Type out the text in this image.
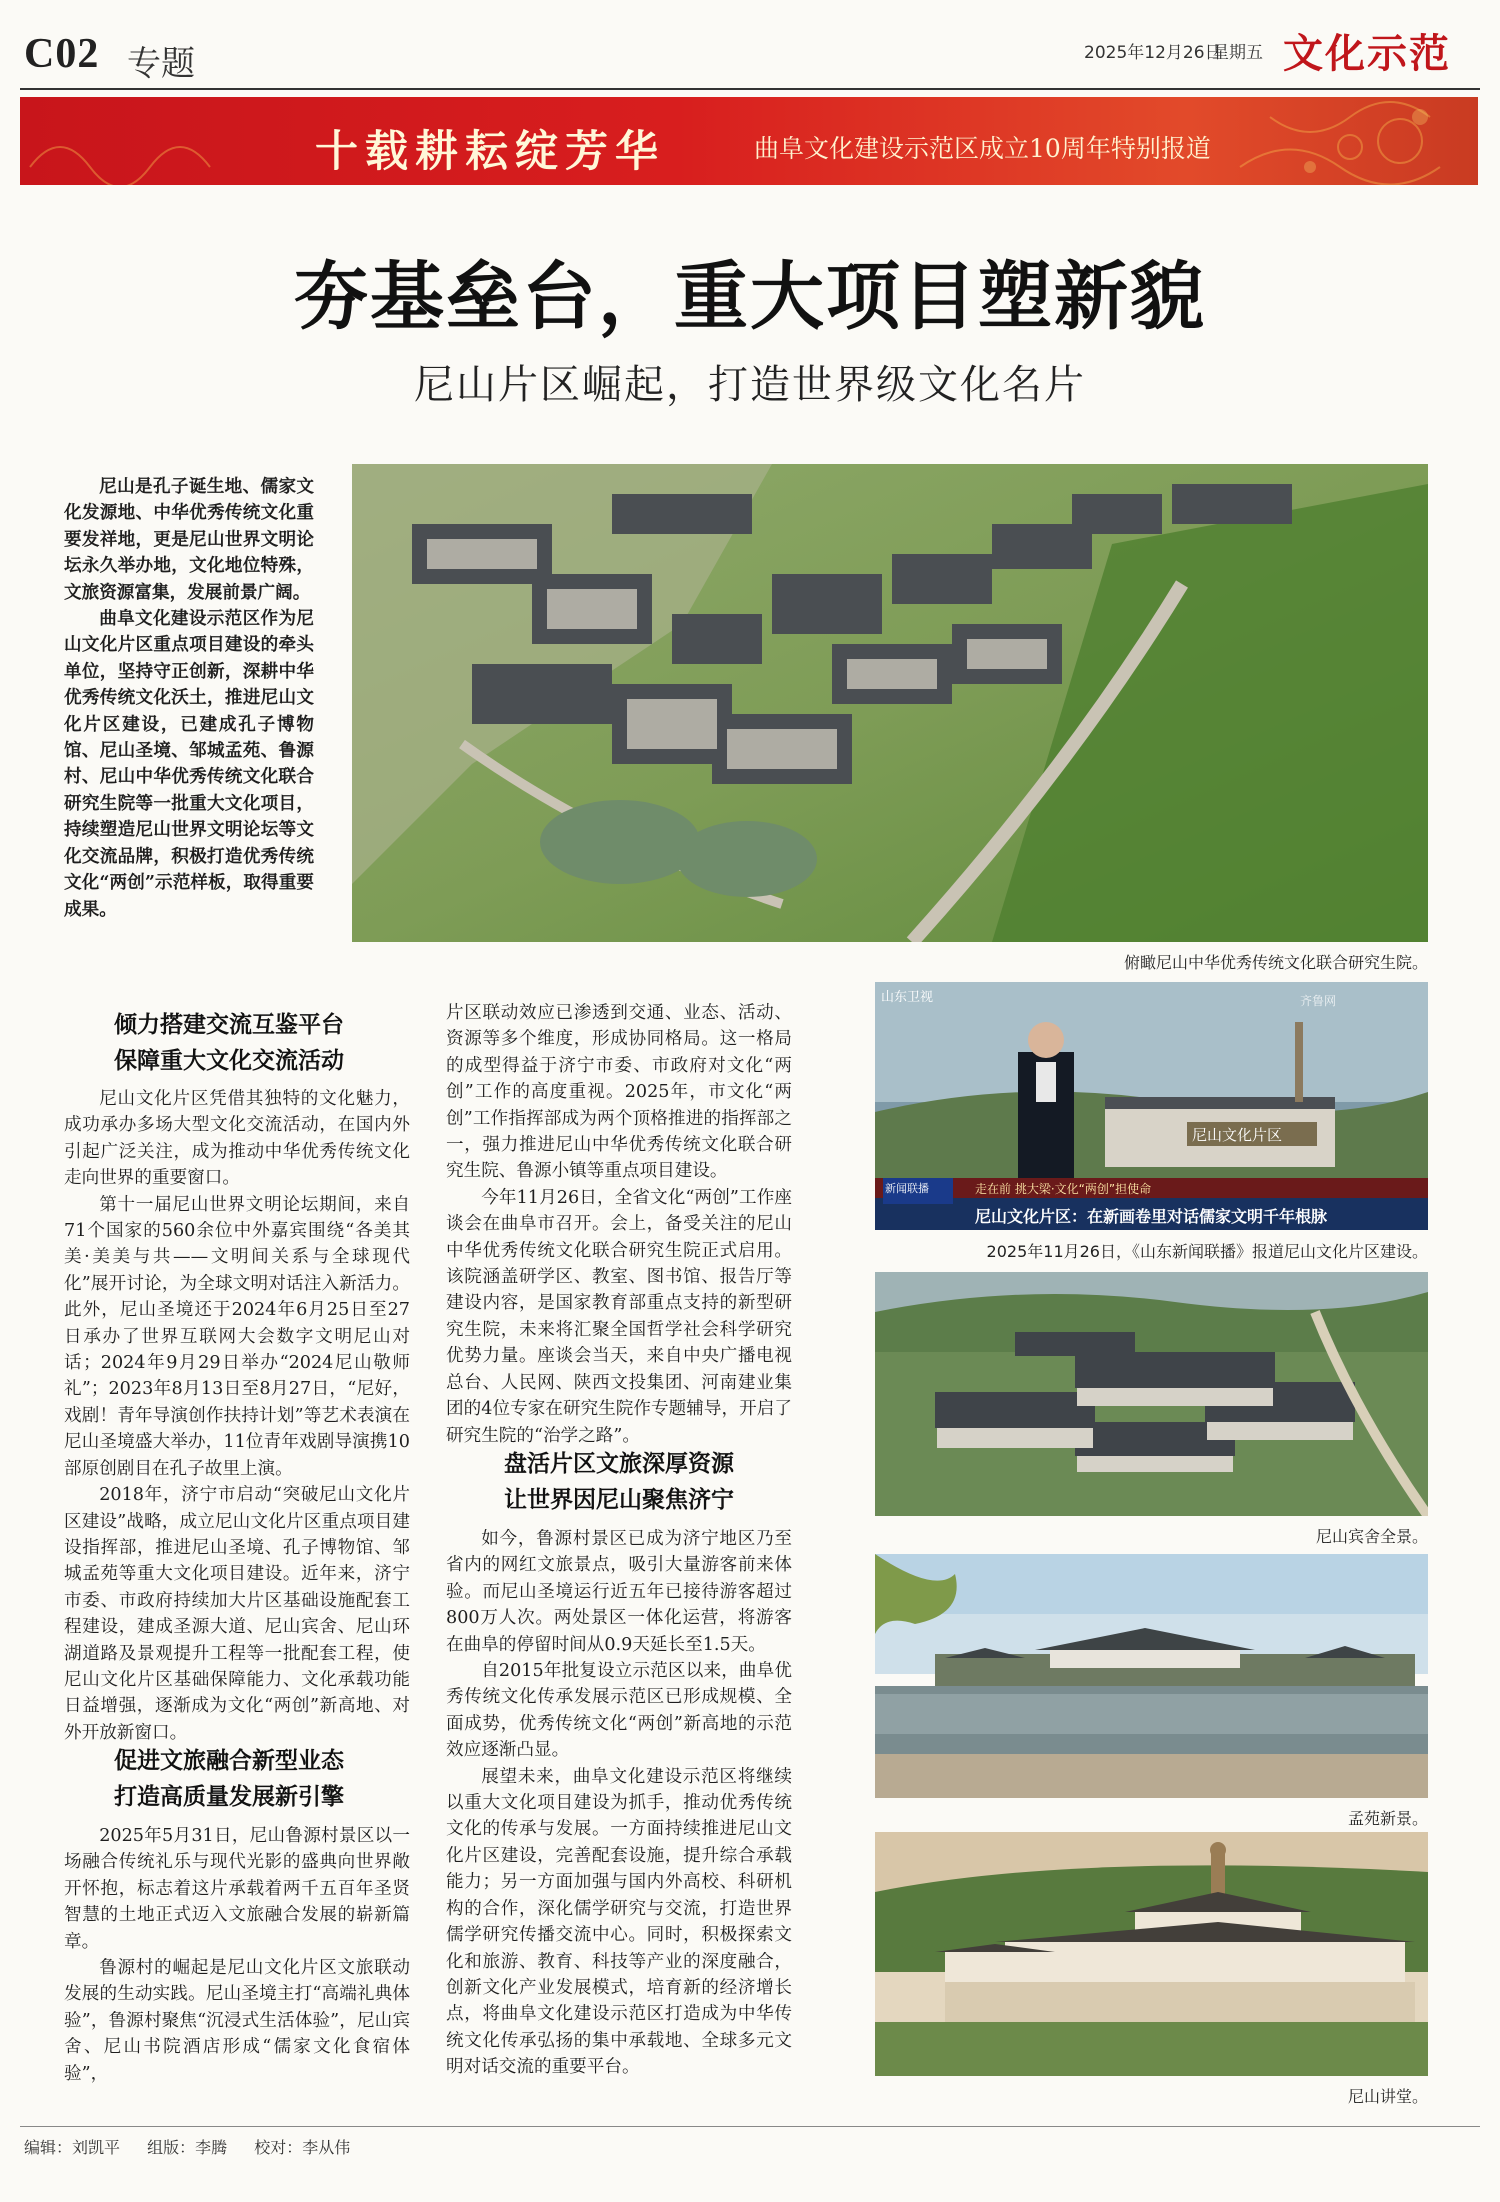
C02 专题	2025年12月26日
星期五 文化示范
十载耕耘绽芳华	曲阜文化建设示范区成立10周年特别报道
夯基垒台，重大项目塑新貌
尼山片区崛起，打造世界级文化名片

尼山是孔子诞生地、儒家文化发源地、中华优秀传统文化重要发祥地，更是尼山世界文明论坛永久举办地，文化地位特殊，文旅资源富集，发展前景广阔。

曲阜文化建设示范区作为尼山文化片区重点项目建设的牵头单位，坚持守正创新，深耕中华优秀传统文化沃土，推进尼山文化片区建设，已建成孔子博物馆、尼山圣境、邹城孟苑、鲁源村、尼山中华优秀传统文化联合研究生院等一批重大文化项目，持续塑造尼山世界文明论坛等文化交流品牌，积极打造优秀传统文化“两创”示范样板，取得重要成果。

俯瞰尼山中华优秀传统文化联合研究生院。
倾力搭建交流互鉴平台
保障重大文化交流活动

尼山文化片区凭借其独特的文化魅力，成功承办多场大型文化交流活动，在国内外引起广泛关注，成为推动中华优秀传统文化走向世界的重要窗口。

第十一届尼山世界文明论坛期间，来自71个国家的560余位中外嘉宾围绕“各美其美·美美与共——文明间关系与全球现代化”展开讨论，为全球文明对话注入新活力。此外，尼山圣境还于2024年6月25日至27日承办了世界互联网大会数字文明尼山对话；2024年9月29日举办“2024尼山敬师礼”；2023年8月13日至8月27日，“尼好，戏剧！青年导演创作扶持计划”等艺术表演在尼山圣境盛大举办，11位青年戏剧导演携10部原创剧目在孔子故里上演。

2018年，济宁市启动“突破尼山文化片区建设”战略，成立尼山文化片区重点项目建设指挥部，推进尼山圣境、孔子博物馆、邹城孟苑等重大文化项目建设。近年来，济宁市委、市政府持续加大片区基础设施配套工程建设，建成圣源大道、尼山宾舍、尼山环湖道路及景观提升工程等一批配套工程，使尼山文化片区基础保障能力、文化承载功能日益增强，逐渐成为文化“两创”新高地、对外开放新窗口。

促进文旅融合新型业态
打造高质量发展新引擎

2025年5月31日，尼山鲁源村景区以一场融合传统礼乐与现代光影的盛典向世界敞开怀抱，标志着这片承载着两千五百年圣贤智慧的土地正式迈入文旅融合发展的崭新篇章。

鲁源村的崛起是尼山文化片区文旅联动发展的生动实践。尼山圣境主打“高端礼典体验”，鲁源村聚焦“沉浸式生活体验”，尼山宾舍、尼山书院酒店形成“儒家文化食宿体验”，

片区联动效应已渗透到交通、业态、活动、资源等多个维度，形成协同格局。这一格局的成型得益于济宁市委、市政府对文化“两创”工作的高度重视。2025年，市文化“两创”工作指挥部成为两个顶格推进的指挥部之一，强力推进尼山中华优秀传统文化联合研究生院、鲁源小镇等重点项目建设。

今年11月26日，全省文化“两创”工作座谈会在曲阜市召开。会上，备受关注的尼山中华优秀传统文化联合研究生院正式启用。该院涵盖研学区、教室、图书馆、报告厅等建设内容，是国家教育部重点支持的新型研究生院，未来将汇聚全国哲学社会科学研究优势力量。座谈会当天，来自中央广播电视总台、人民网、陕西文投集团、河南建业集团的4位专家在研究生院作专题辅导，开启了研究生院的“治学之路”。

盘活片区文旅深厚资源
让世界因尼山聚焦济宁

如今，鲁源村景区已成为济宁地区乃至省内的网红文旅景点，吸引大量游客前来体验。而尼山圣境运行近五年已接待游客超过800万人次。两处景区一体化运营，将游客在曲阜的停留时间从0.9天延长至1.5天。

自2015年批复设立示范区以来，曲阜优秀传统文化传承发展示范区已形成规模、全面成势，优秀传统文化“两创”新高地的示范效应逐渐凸显。

展望未来，曲阜文化建设示范区将继续以重大文化项目建设为抓手，推动优秀传统文化的传承与发展。一方面持续推进尼山文化片区建设，完善配套设施，提升综合承载能力；另一方面加强与国内外高校、科研机构的合作，深化儒学研究与交流，打造世界儒学研究传播交流中心。同时，积极探索文化和旅游、教育、科技等产业的深度融合，创新文化产业发展模式，培育新的经济增长点，将曲阜文化建设示范区打造成为中华传统文化传承弘扬的集中承载地、全球多元文明对话交流的重要平台。

山东卫视	齐鲁网
尼山文化片区
新闻联播	走在前 挑大梁·文化“两创”担使命
尼山文化片区：在新画卷里对话儒家文明千年根脉
2025年11月26日，《山东新闻联播》报道尼山文化片区建设。
尼山宾舍全景。
孟苑新景。
尼山讲堂。
编辑：刘凯平 组版：李腾 校对：李从伟
